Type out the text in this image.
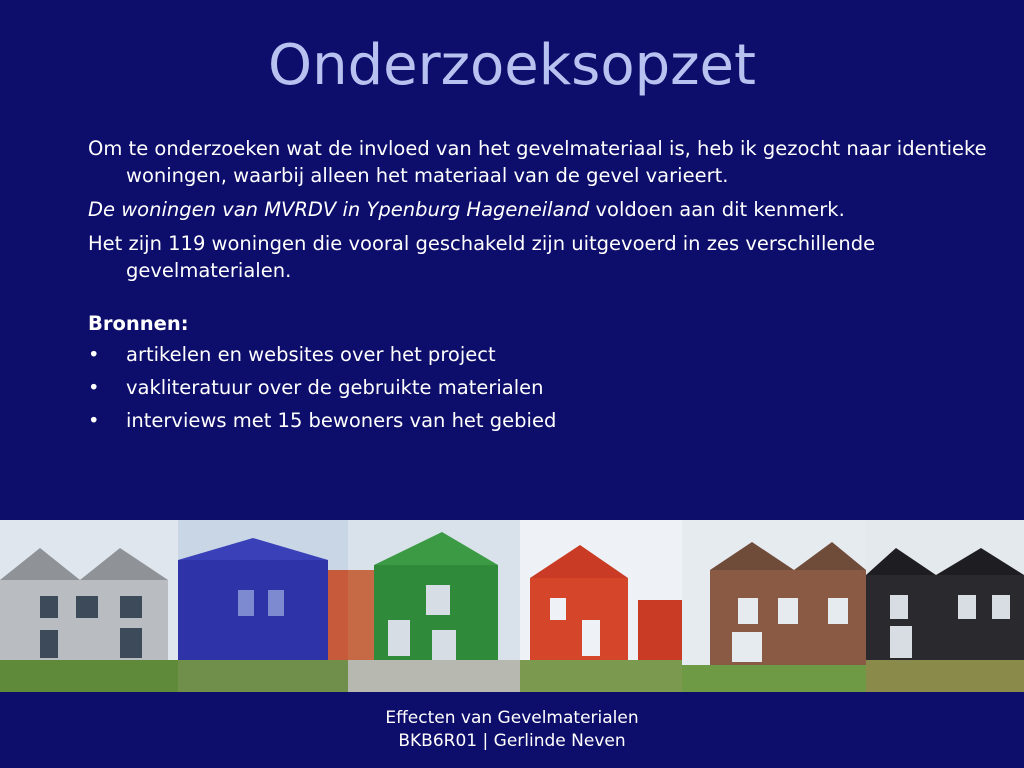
Onderzoeksopzet

Om te onderzoeken wat de invloed van het gevelmateriaal is, heb ik gezocht naar identieke woningen, waarbij alleen het materiaal van de gevel varieert.

De woningen van MVRDV in Ypenburg Hageneiland voldoen aan dit kenmerk.

Het zijn 119 woningen die vooral geschakeld zijn uitgevoerd in zes verschillende gevelmaterialen.

Bronnen:
•	artikelen en websites over het project
•	vakliteratuur over de gebruikte materialen
•	interviews met 15 bewoners van het gebied
Effecten van Gevelmaterialen
BKB6R01 | Gerlinde Neven
